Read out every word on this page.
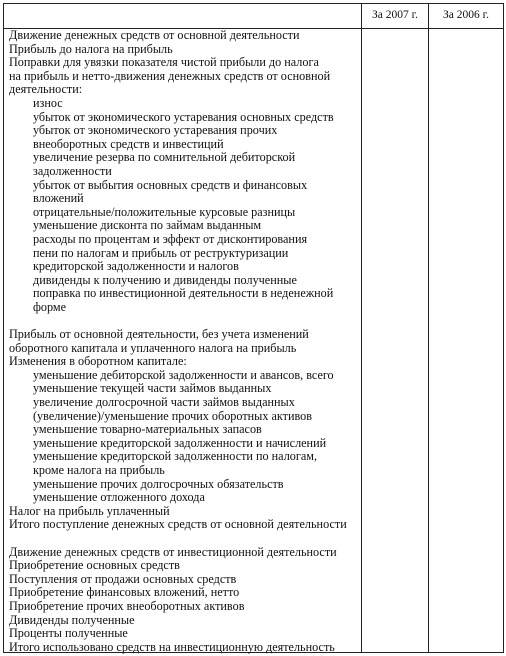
За 2007 г.	За 2006 г.
Движение денежных средств от основной деятельности
Прибыль до налога на прибыль
Поправки для увязки показателя чистой прибыли до налога
на прибыль и нетто-движения денежных средств от основной
деятельности:
износ
убыток от экономического устаревания основных средств
убыток от экономического устаревания прочих
внеоборотных средств и инвестиций
увеличение резерва по сомнительной дебиторской
задолженности
убыток от выбытия основных средств и финансовых
вложений
отрицательные/положительные курсовые разницы
уменьшение дисконта по займам выданным
расходы по процентам и эффект от дисконтирования
пени по налогам и прибыль от реструктуризации
кредиторской задолженности и налогов
дивиденды к получению и дивиденды полученные
поправка по инвестиционной деятельности в неденежной
форме
Прибыль от основной деятельности, без учета изменений
оборотного капитала и уплаченного налога на прибыль
Изменения в оборотном капитале:
уменьшение дебиторской задолженности и авансов, всего
уменьшение текущей части займов выданных
увеличение долгосрочной части займов выданных
(увеличение)/уменьшение прочих оборотных активов
уменьшение товарно-материальных запасов
уменьшение кредиторской задолженности и начислений
уменьшение кредиторской задолженности по налогам,
кроме налога на прибыль
уменьшение прочих долгосрочных обязательств
уменьшение отложенного дохода
Налог на прибыль уплаченный
Итого поступление денежных средств от основной деятельности
Движение денежных средств от инвестиционной деятельности
Приобретение основных средств
Поступления от продажи основных средств
Приобретение финансовых вложений, нетто
Приобретение прочих внеоборотных активов
Дивиденды полученные
Проценты полученные
Итого использовано средств на инвестиционную деятельность
